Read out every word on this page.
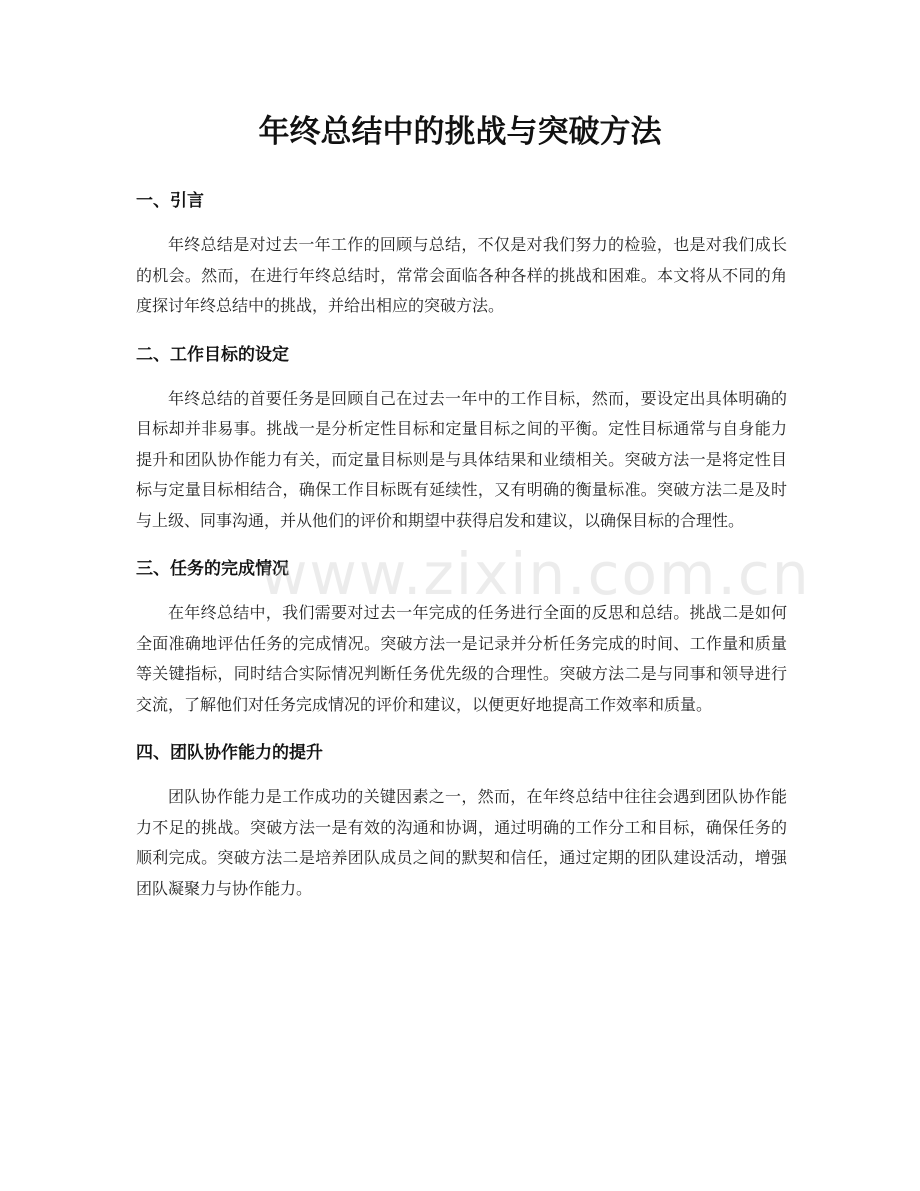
年终总结中的挑战与突破方法
一、引言

年终总结是对过去一年工作的回顾与总结，不仅是对我们努力的检验，也是对我们成长的机会。然而，在进行年终总结时，常常会面临各种各样的挑战和困难。本文将从不同的角度探讨年终总结中的挑战，并给出相应的突破方法。

二、工作目标的设定

年终总结的首要任务是回顾自己在过去一年中的工作目标，然而，要设定出具体明确的目标却并非易事。挑战一是分析定性目标和定量目标之间的平衡。定性目标通常与自身能力提升和团队协作能力有关，而定量目标则是与具体结果和业绩相关。突破方法一是将定性目标与定量目标相结合，确保工作目标既有延续性，又有明确的衡量标准。突破方法二是及时与上级、同事沟通，并从他们的评价和期望中获得启发和建议，以确保目标的合理性。

三、任务的完成情况

在年终总结中，我们需要对过去一年完成的任务进行全面的反思和总结。挑战二是如何全面准确地评估任务的完成情况。突破方法一是记录并分析任务完成的时间、工作量和质量等关键指标，同时结合实际情况判断任务优先级的合理性。突破方法二是与同事和领导进行交流，了解他们对任务完成情况的评价和建议，以便更好地提高工作效率和质量。

四、团队协作能力的提升

团队协作能力是工作成功的关键因素之一，然而，在年终总结中往往会遇到团队协作能力不足的挑战。突破方法一是有效的沟通和协调，通过明确的工作分工和目标，确保任务的顺利完成。突破方法二是培养团队成员之间的默契和信任，通过定期的团队建设活动，增强团队凝聚力与协作能力。

www.zixin.com.cn
